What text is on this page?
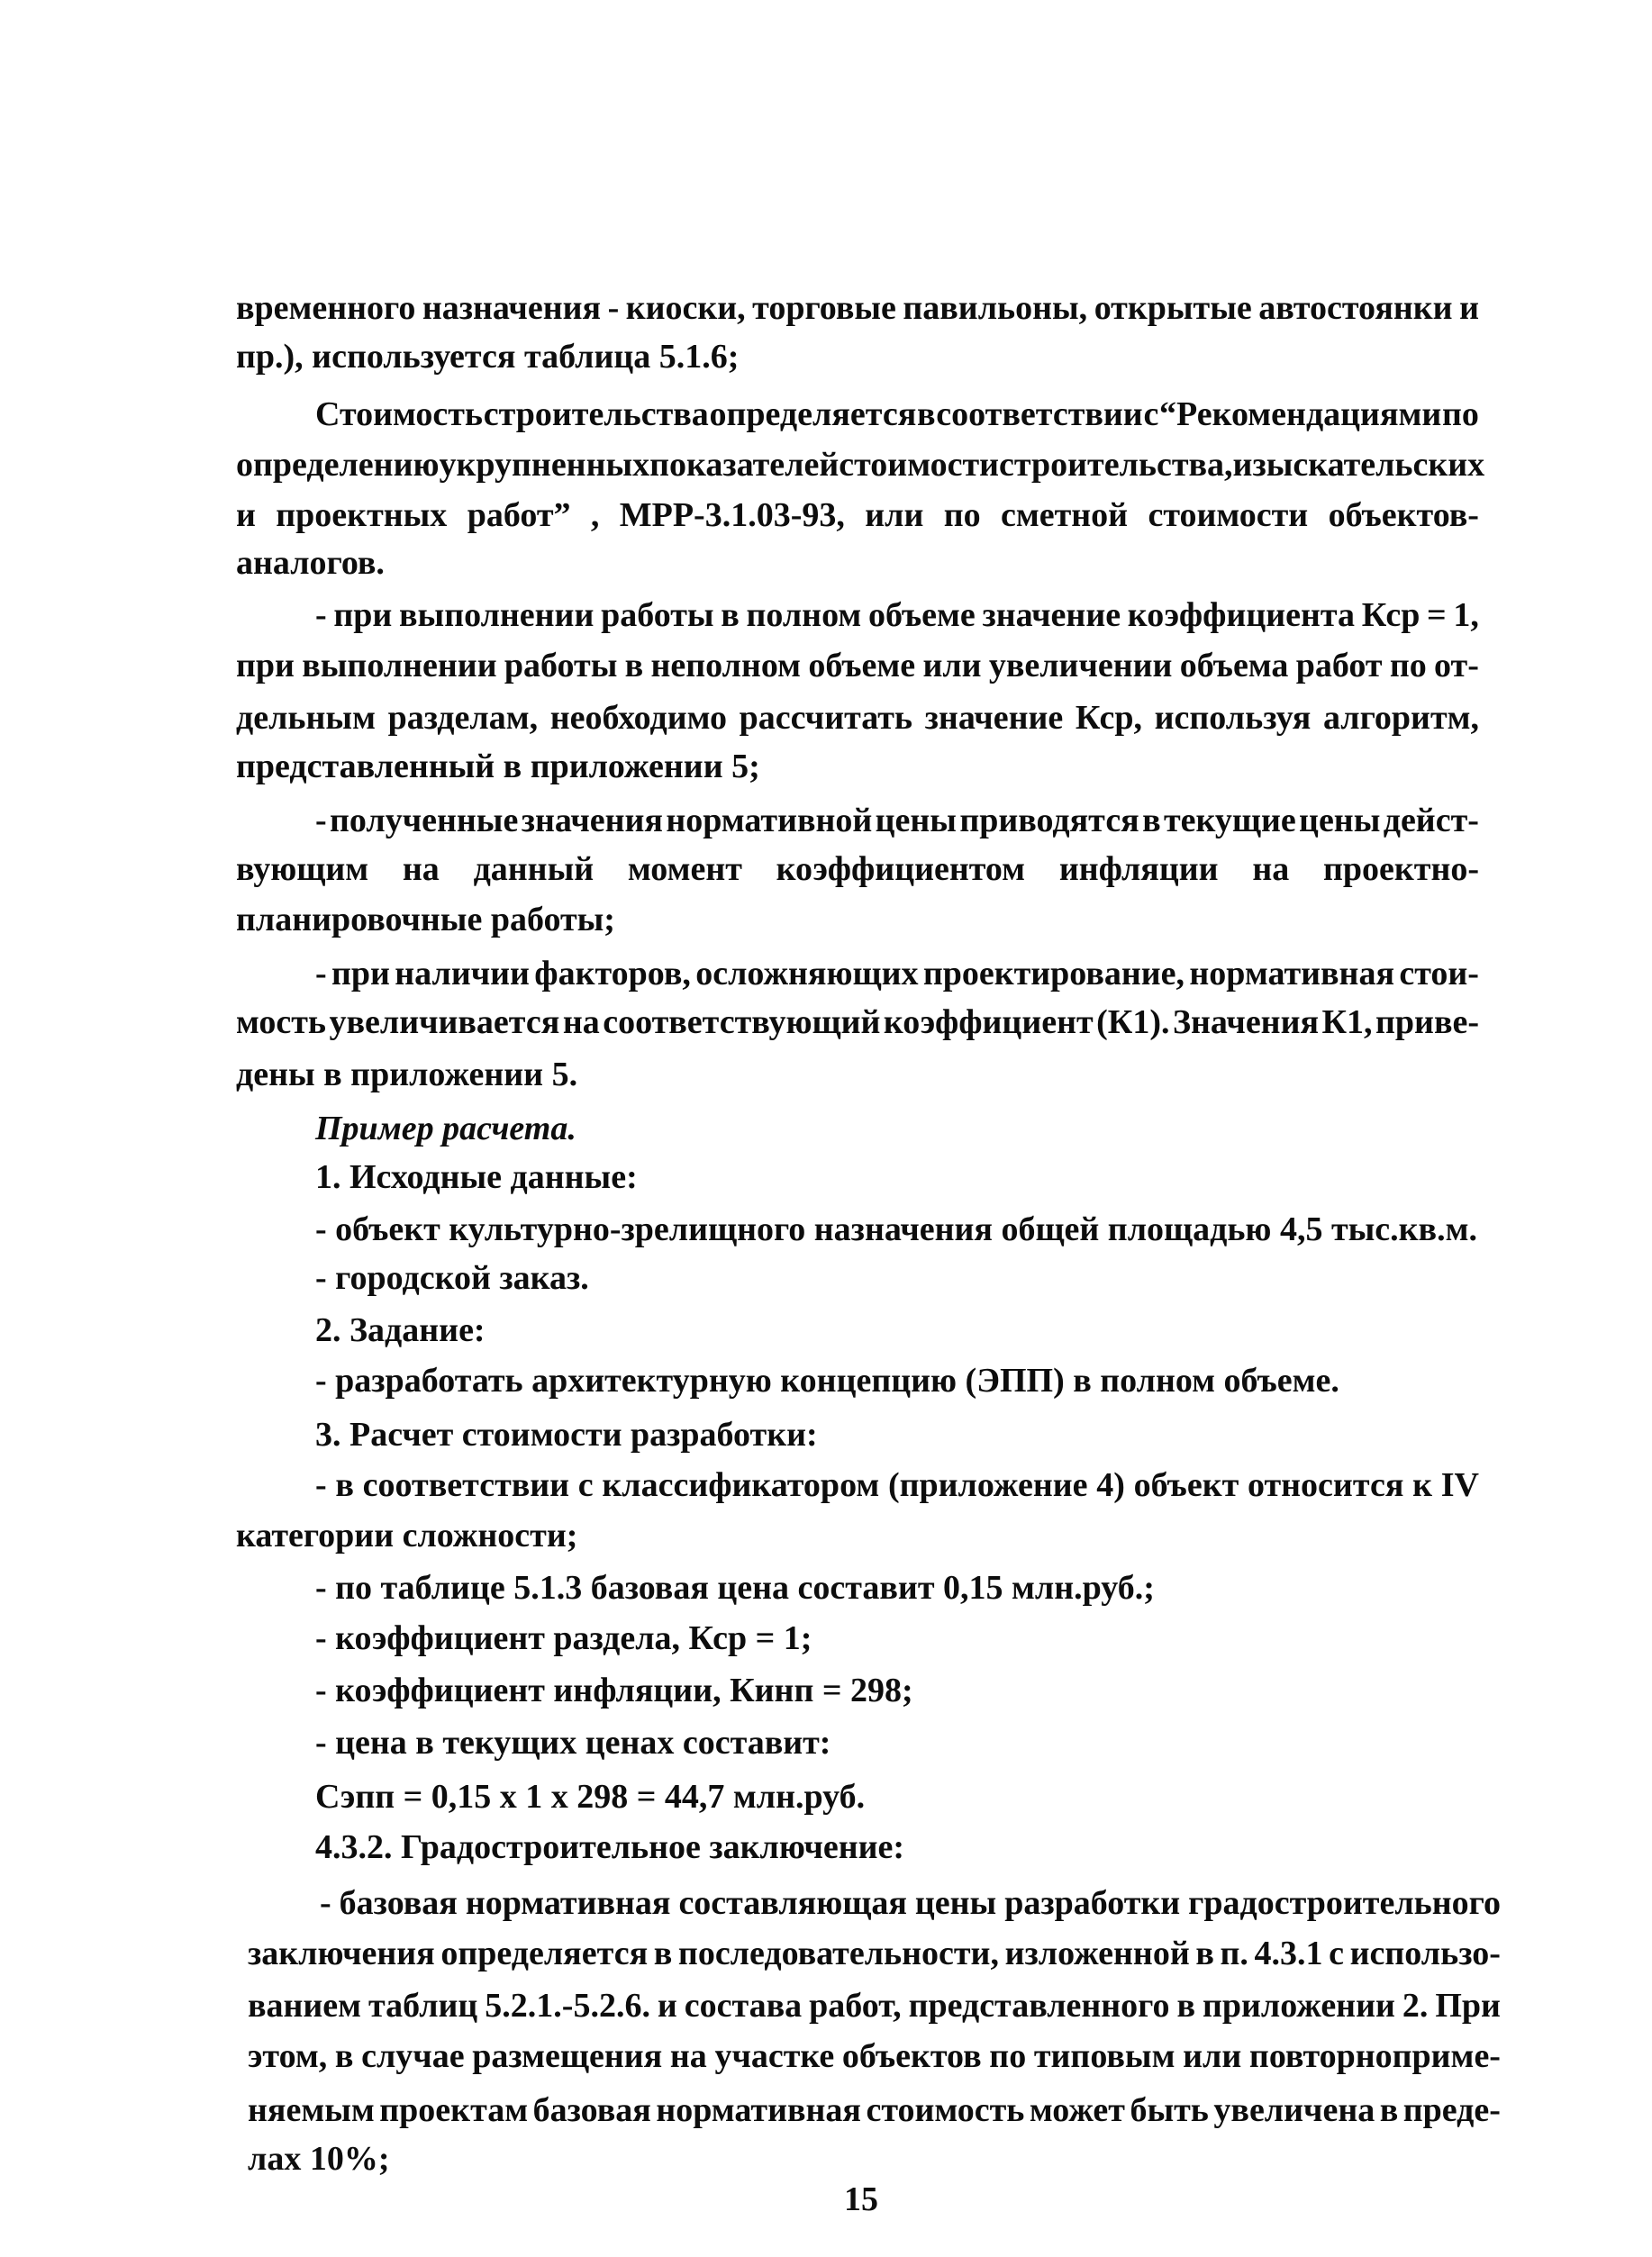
временного назначения - киоски, торговые павильоны, открытые автостоянки и
пр.), используется таблица 5.1.6;
Стоимость строительства определяется в соответствии с “Рекомендациями по
определению укрупненных показателей стоимости строительства, изыскательских
и проектных работ” , МРР-3.1.03-93, или по сметной стоимости объектов-
аналогов.
- при выполнении работы в полном объеме значение коэффициента Кср = 1,
при выполнении работы в неполном объеме или увеличении объема работ по от-
дельным разделам, необходимо рассчитать значение Кср, используя алгоритм,
представленный в приложении 5;
- полученные значения нормативной цены приводятся в текущие цены дейст-
вующим на данный момент коэффициентом инфляции на проектно-
планировочные работы;
- при наличии факторов, осложняющих проектирование, нормативная стои-
мость увеличивается на соответствующий коэффициент (К1). Значения К1, приве-
дены в приложении 5.
Пример расчета.
1. Исходные данные:
- объект культурно-зрелищного назначения общей площадью 4,5 тыс.кв.м.
- городской заказ.
2. Задание:
- разработать архитектурную концепцию (ЭПП) в полном объеме.
3. Расчет стоимости разработки:
- в соответствии с классификатором (приложение 4) объект относится к IV
категории сложности;
- по таблице 5.1.3 базовая цена составит 0,15 млн.руб.;
- коэффициент раздела, Кср = 1;
- коэффициент инфляции, Кинп = 298;
- цена в текущих ценах составит:
Сэпп = 0,15 х 1 х 298 = 44,7 млн.руб.
4.3.2. Градостроительное заключение:
- базовая нормативная составляющая цены разработки градостроительного
заключения определяется в последовательности, изложенной в п. 4.3.1 с использо-
ванием таблиц 5.2.1.-5.2.6. и состава работ, представленного в приложении 2. При
этом, в случае размещения на участке объектов по типовым или повторноприме-
няемым проектам базовая нормативная стоимость может быть увеличена в преде-
лах 10%;
15
